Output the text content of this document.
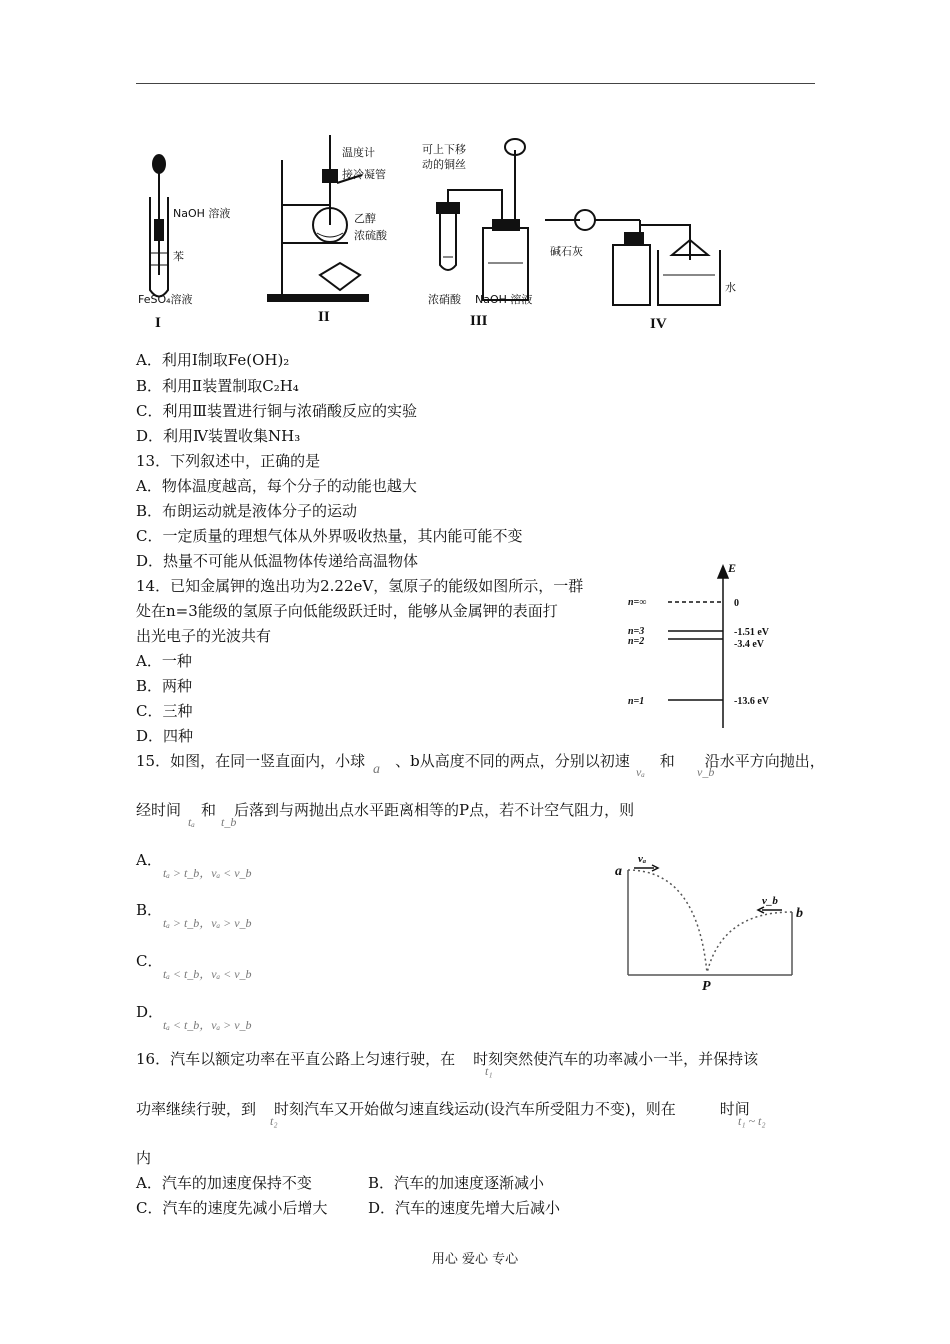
NaOH 溶液
苯
FeSO₄溶液
温度计
接冷凝管
乙醇
浓硫酸
可上下移
动的铜丝
浓硝酸 NaOH 溶液
碱石灰
水
I	II	III	IV
A．利用Ⅰ制取Fe(OH)₂
B．利用Ⅱ装置制取C₂H₄
C．利用Ⅲ装置进行铜与浓硝酸反应的实验
D．利用Ⅳ装置收集NH₃
13．下列叙述中，正确的是
A．物体温度越高，每个分子的动能也越大
B．布朗运动就是液体分子的运动
C．一定质量的理想气体从外界吸收热量，其内能可能不变
D．热量不可能从低温物体传递给高温物体
14．已知金属钾的逸出功为2.22eV，氢原子的能级如图所示，一群
处在n=3能级的氢原子向低能级跃迁时，能够从金属钾的表面打
出光电子的光波共有
A．一种
B．两种
C．三种
D．四种
E
n=∞	0
n=3	-1.51 eV
n=2	-3.4 eV
n=1	-13.6 eV
15．如图，在同一竖直面内，小球 、b从高度不同的两点，分别以初速 和 沿水平方向抛出，
a	vₐ	v_b
经时间 和 后落到与两抛出点水平距离相等的P点，若不计空气阻力，则
tₐ t_b
A．
tₐ > t_b，vₐ < v_b
B．
tₐ > t_b，vₐ > v_b
C．
tₐ < t_b，vₐ < v_b
D．
tₐ < t_b，vₐ > v_b
a
b
P
vₐ
v_b
16．汽车以额定功率在平直公路上匀速行驶，在 时刻突然使汽车的功率减小一半，并保持该
t₁
功率继续行驶，到 时刻汽车又开始做匀速直线运动(设汽车所受阻力不变)，则在	时间
t₂	t₁ ~ t₂
内
A．汽车的加速度保持不变	B．汽车的加速度逐渐减小
C．汽车的速度先减小后增大	D．汽车的速度先增大后减小
用心 爱心 专心
